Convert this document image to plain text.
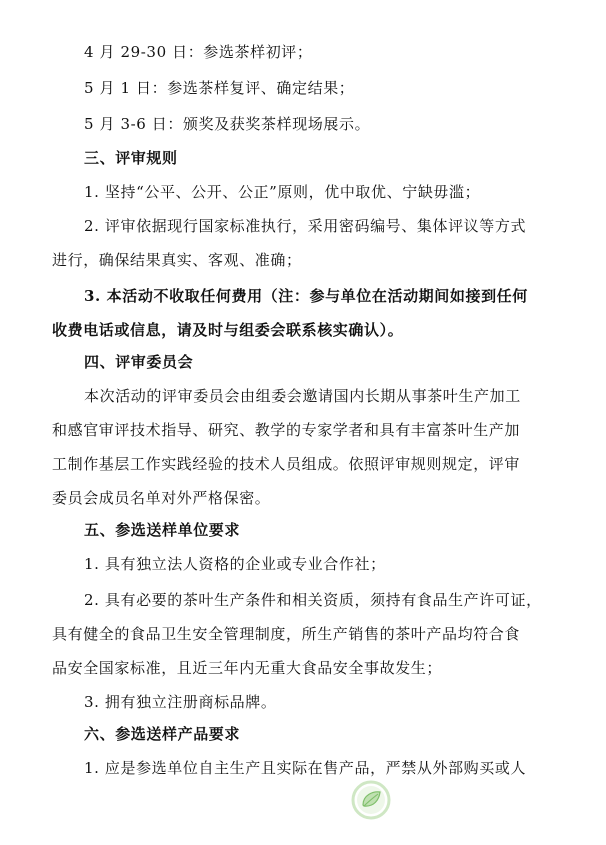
4 月 29-30 日：参选茶样初评；

5 月 1 日：参选茶样复评、确定结果；

5 月 3-6 日：颁奖及获奖茶样现场展示。

三、评审规则

1. 坚持“公平、公开、公正”原则，优中取优、宁缺毋滥；

2. 评审依据现行国家标准执行，采用密码编号、集体评议等方式

进行，确保结果真实、客观、准确；

3. 本活动不收取任何费用（注：参与单位在活动期间如接到任何

收费电话或信息，请及时与组委会联系核实确认）。

四、评审委员会

本次活动的评审委员会由组委会邀请国内长期从事茶叶生产加工

和感官审评技术指导、研究、教学的专家学者和具有丰富茶叶生产加

工制作基层工作实践经验的技术人员组成。依照评审规则规定，评审

委员会成员名单对外严格保密。

五、参选送样单位要求

1. 具有独立法人资格的企业或专业合作社；

2. 具有必要的茶叶生产条件和相关资质，须持有食品生产许可证，

具有健全的食品卫生安全管理制度，所生产销售的茶叶产品均符合食

品安全国家标准，且近三年内无重大食品安全事故发生；

3. 拥有独立注册商标品牌。

六、参选送样产品要求

1. 应是参选单位自主生产且实际在售产品，严禁从外部购买或人
